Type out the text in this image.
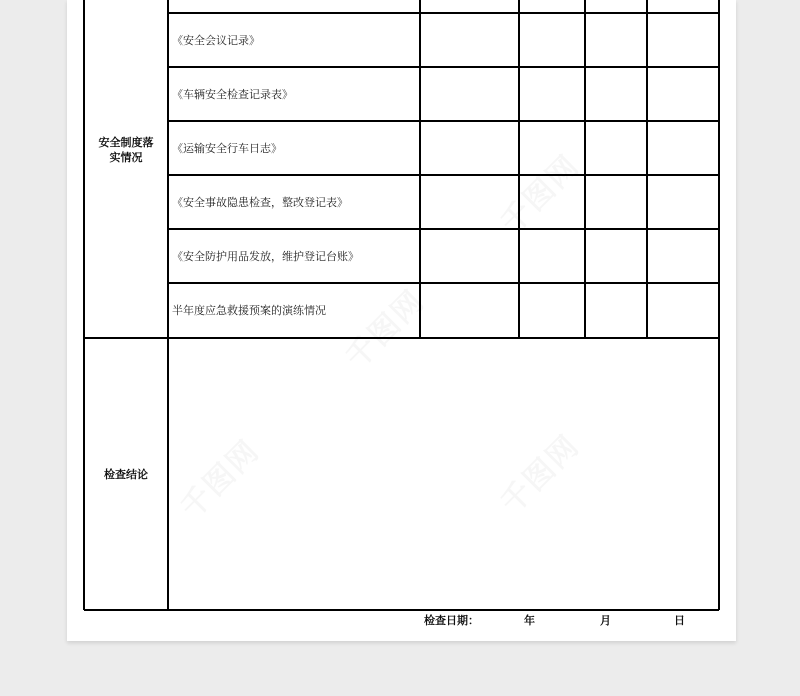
安全制度落
实情况
《安全会议记录》
《车辆安全检查记录表》
《运输安全行车日志》
《安全事故隐患检查，整改登记表》
《安全防护用品发放，维护登记台账》
半年度应急救援预案的演练情况
检查结论
检查日期：	年	月	日
